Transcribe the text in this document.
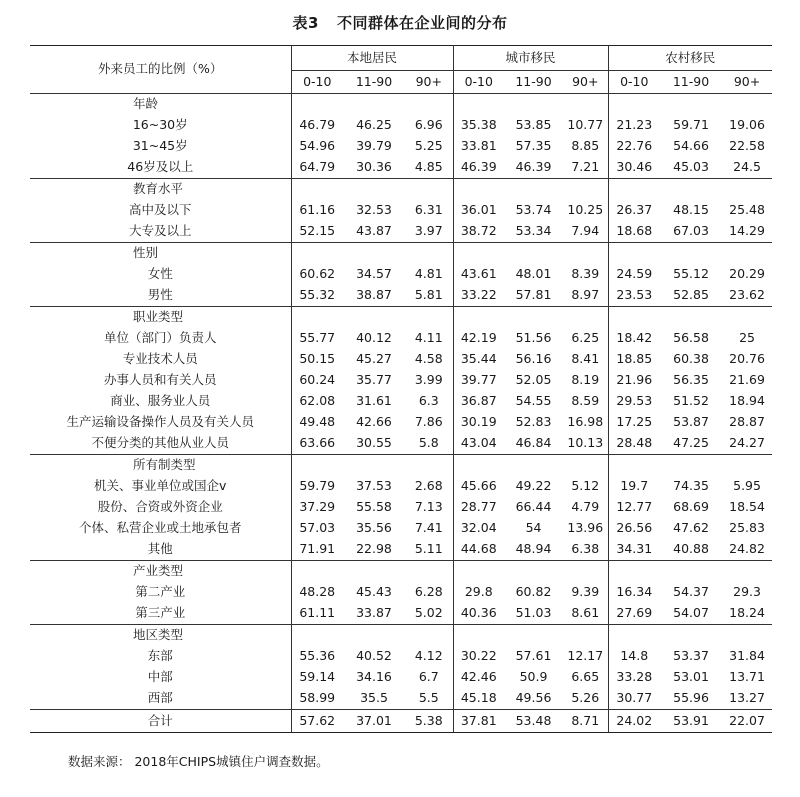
表3 不同群体在企业间的分布
外来员工的比例（%）	本地居民			城市移民			农村移民		
	0-10	11-90	90+	0-10	11-90	90+	0-10	11-90	90+
年龄									
16~30岁	46.79	46.25	6.96	35.38	53.85	10.77	21.23	59.71	19.06
31~45岁	54.96	39.79	5.25	33.81	57.35	8.85	22.76	54.66	22.58
46岁及以上	64.79	30.36	4.85	46.39	46.39	7.21	30.46	45.03	24.5
教育水平									
高中及以下	61.16	32.53	6.31	36.01	53.74	10.25	26.37	48.15	25.48
大专及以上	52.15	43.87	3.97	38.72	53.34	7.94	18.68	67.03	14.29
性别									
女性	60.62	34.57	4.81	43.61	48.01	8.39	24.59	55.12	20.29
男性	55.32	38.87	5.81	33.22	57.81	8.97	23.53	52.85	23.62
职业类型									
单位（部门）负责人	55.77	40.12	4.11	42.19	51.56	6.25	18.42	56.58	25
专业技术人员	50.15	45.27	4.58	35.44	56.16	8.41	18.85	60.38	20.76
办事人员和有关人员	60.24	35.77	3.99	39.77	52.05	8.19	21.96	56.35	21.69
商业、服务业人员	62.08	31.61	6.3	36.87	54.55	8.59	29.53	51.52	18.94
生产运输设备操作人员及有关人员	49.48	42.66	7.86	30.19	52.83	16.98	17.25	53.87	28.87
不便分类的其他从业人员	63.66	30.55	5.8	43.04	46.84	10.13	28.48	47.25	24.27
所有制类型									
机关、事业单位或国企v	59.79	37.53	2.68	45.66	49.22	5.12	19.7	74.35	5.95
股份、合资或外资企业	37.29	55.58	7.13	28.77	66.44	4.79	12.77	68.69	18.54
个体、私营企业或土地承包者	57.03	35.56	7.41	32.04	54	13.96	26.56	47.62	25.83
其他	71.91	22.98	5.11	44.68	48.94	6.38	34.31	40.88	24.82
产业类型									
第二产业	48.28	45.43	6.28	29.8	60.82	9.39	16.34	54.37	29.3
第三产业	61.11	33.87	5.02	40.36	51.03	8.61	27.69	54.07	18.24
地区类型									
东部	55.36	40.52	4.12	30.22	57.61	12.17	14.8	53.37	31.84
中部	59.14	34.16	6.7	42.46	50.9	6.65	33.28	53.01	13.71
西部	58.99	35.5	5.5	45.18	49.56	5.26	30.77	55.96	13.27
合计	57.62	37.01	5.38	37.81	53.48	8.71	24.02	53.91	22.07
数据来源： 2018年CHIPS城镇住户调查数据。
